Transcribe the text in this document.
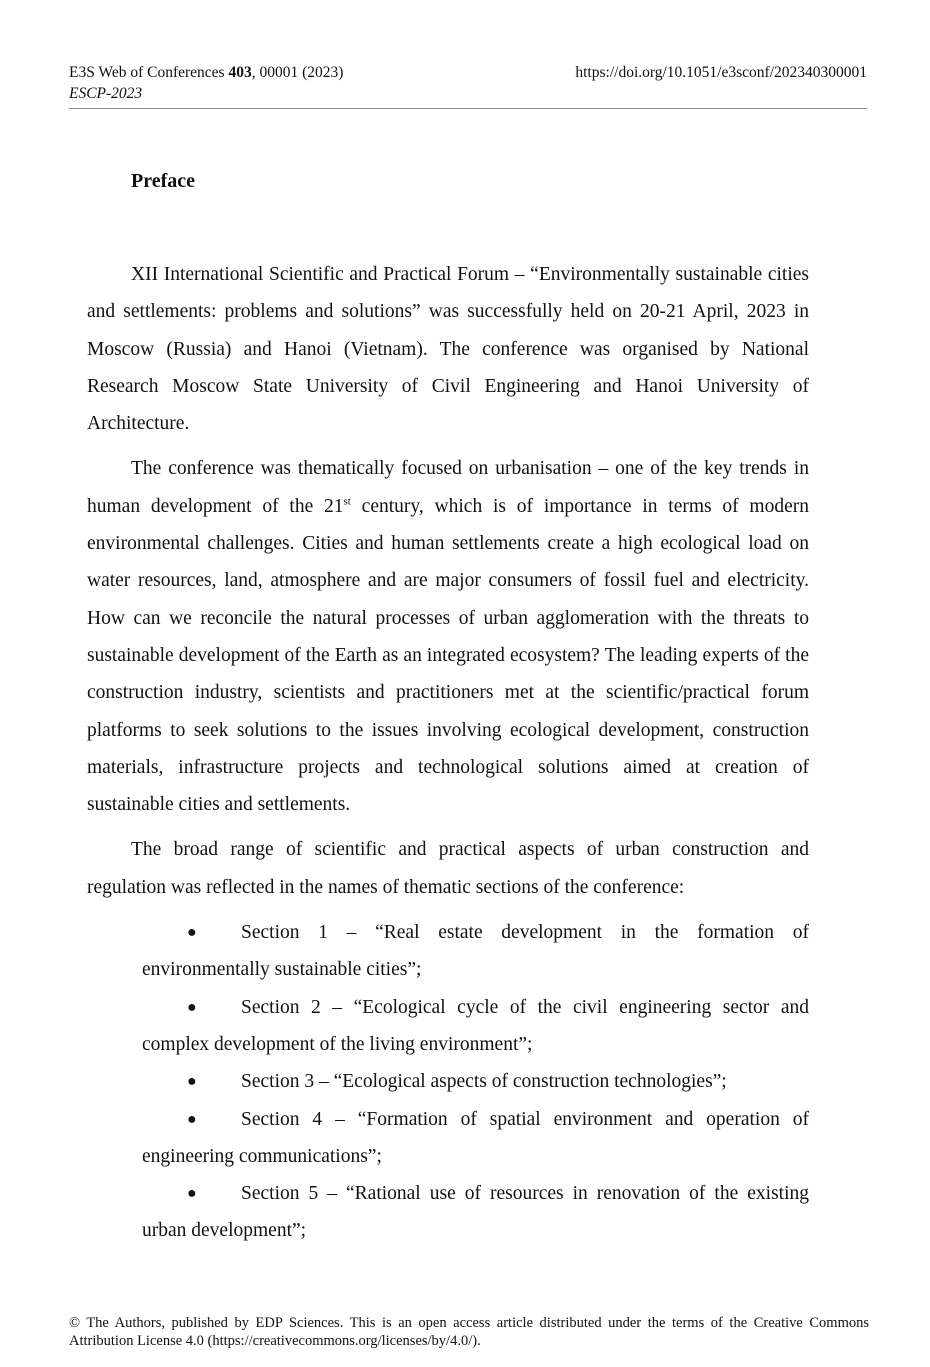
E3S Web of Conferences 403, 00001 (2023)
ESCP-2023
https://doi.org/10.1051/e3sconf/202340300001
Preface

XII International Scientific and Practical Forum – “Environmentally sustainable cities and settlements: problems and solutions” was successfully held on 20-21 April, 2023 in Moscow (Russia) and Hanoi (Vietnam). The conference was organised by National Research Moscow State University of Civil Engineering and Hanoi University of Architecture.

The conference was thematically focused on urbanisation – one of the key trends in human development of the 21st century, which is of importance in terms of modern environmental challenges. Cities and human settlements create a high ecological load on water resources, land, atmosphere and are major consumers of fossil fuel and electricity. How can we reconcile the natural processes of urban agglomeration with the threats to sustainable development of the Earth as an integrated ecosystem? The leading experts of the construction industry, scientists and practitioners met at the scientific/practical forum platforms to seek solutions to the issues involving ecological development, construction materials, infrastructure projects and technological solutions aimed at creation of sustainable cities and settlements.

The broad range of scientific and practical aspects of urban construction and regulation was reflected in the names of thematic sections of the conference:

● Section 1 – “Real estate development in the formation of environmentally sustainable cities”;
● Section 2 – “Ecological cycle of the civil engineering sector and complex development of the living environment”;
● Section 3 – “Ecological aspects of construction technologies”;
● Section 4 – “Formation of spatial environment and operation of engineering communications”;
● Section 5 – “Rational use of resources in renovation of the existing urban development”;
© The Authors, published by EDP Sciences. This is an open access article distributed under the terms of the Creative Commons Attribution License 4.0 (https://creativecommons.org/licenses/by/4.0/).
